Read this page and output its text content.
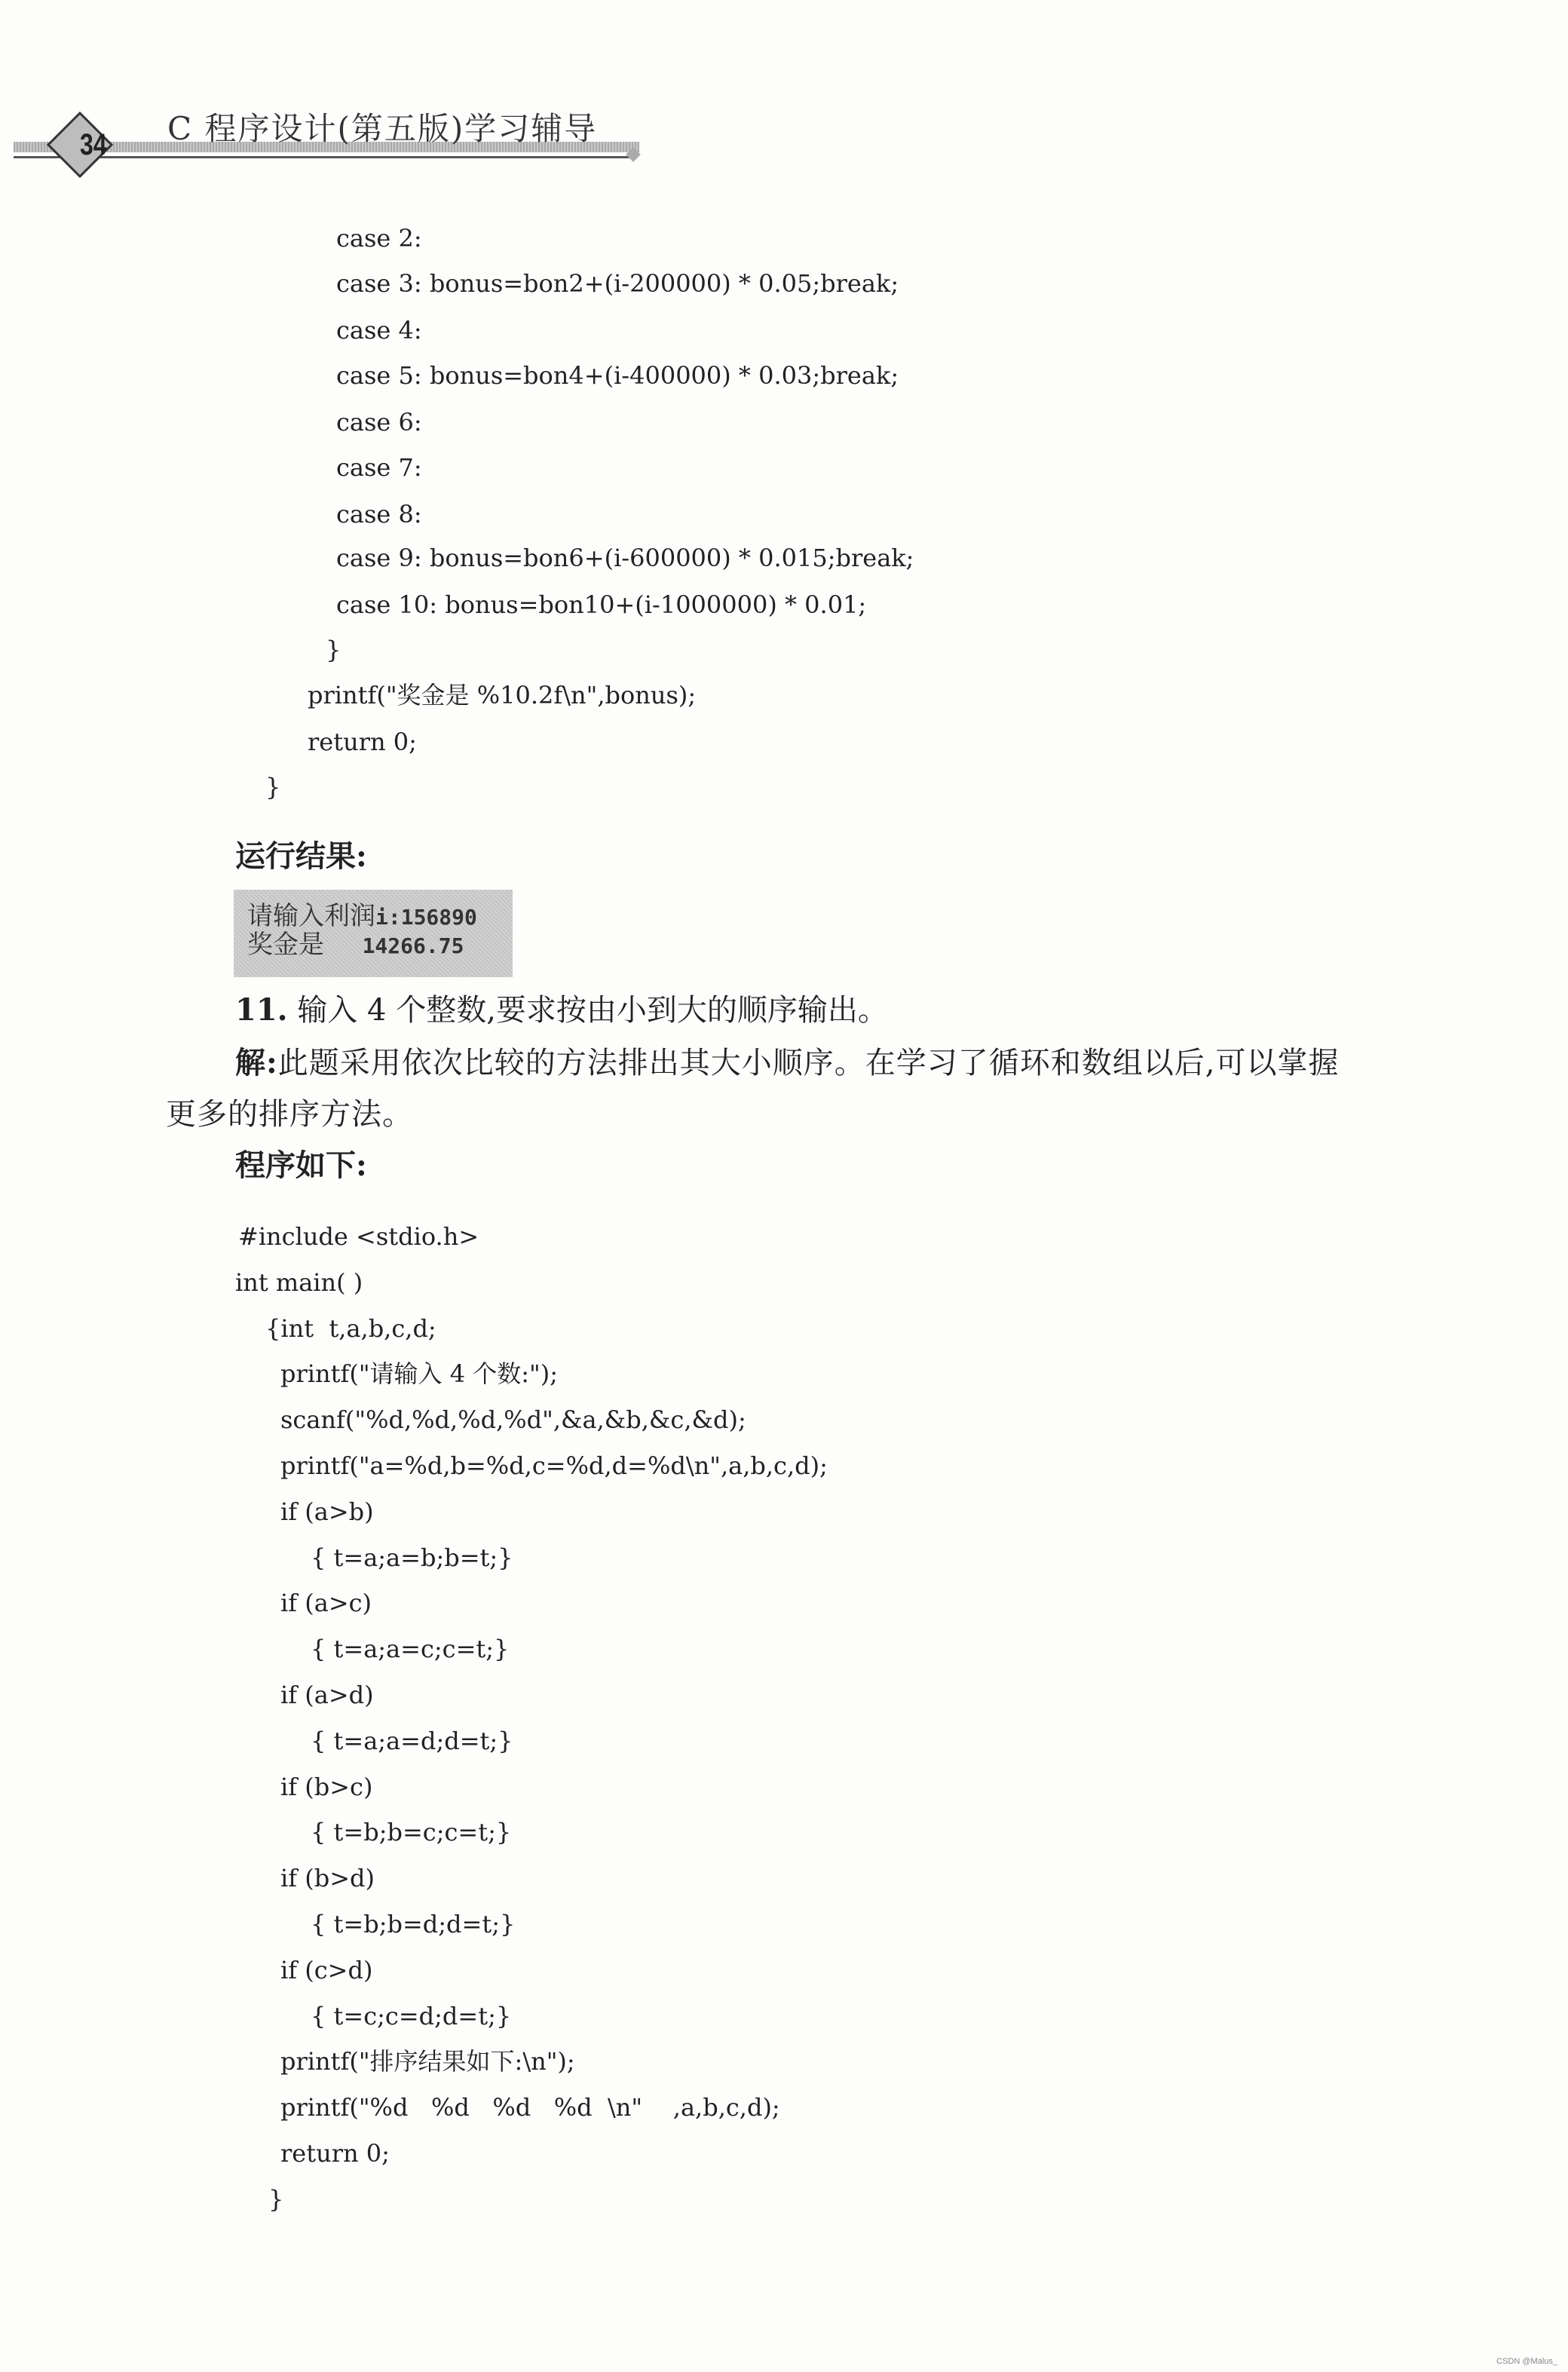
34 C 程序设计(第五版)学习辅导
case 2:
case 3: bonus=bon2+(i-200000) * 0.05;break;
case 4:
case 5: bonus=bon4+(i-400000) * 0.03;break;
case 6:
case 7:
case 8:
case 9: bonus=bon6+(i-600000) * 0.015;break;
case 10: bonus=bon10+(i-1000000) * 0.01;
}
printf("奖金是 %10.2f\n",bonus);
return 0;
}
运行结果:
请输入利润i:156890
奖金是   14266.75
11. 输入 4 个整数,要求按由小到大的顺序输出。
解:此题采用依次比较的方法排出其大小顺序。在学习了循环和数组以后,可以掌握
更多的排序方法。
程序如下:
#include <stdio.h>
int main( )
{int  t,a,b,c,d;
printf("请输入 4 个数:");
scanf("%d,%d,%d,%d",&a,&b,&c,&d);
printf("a=%d,b=%d,c=%d,d=%d\n",a,b,c,d);
if (a>b)
{ t=a;a=b;b=t;}
if (a>c)
{ t=a;a=c;c=t;}
if (a>d)
{ t=a;a=d;d=t;}
if (b>c)
{ t=b;b=c;c=t;}
if (b>d)
{ t=b;b=d;d=t;}
if (c>d)
{ t=c;c=d;d=t;}
printf("排序结果如下:\n");
printf("%d   %d   %d   %d  \n"    ,a,b,c,d);
return 0;
}
CSDN @Malus_
